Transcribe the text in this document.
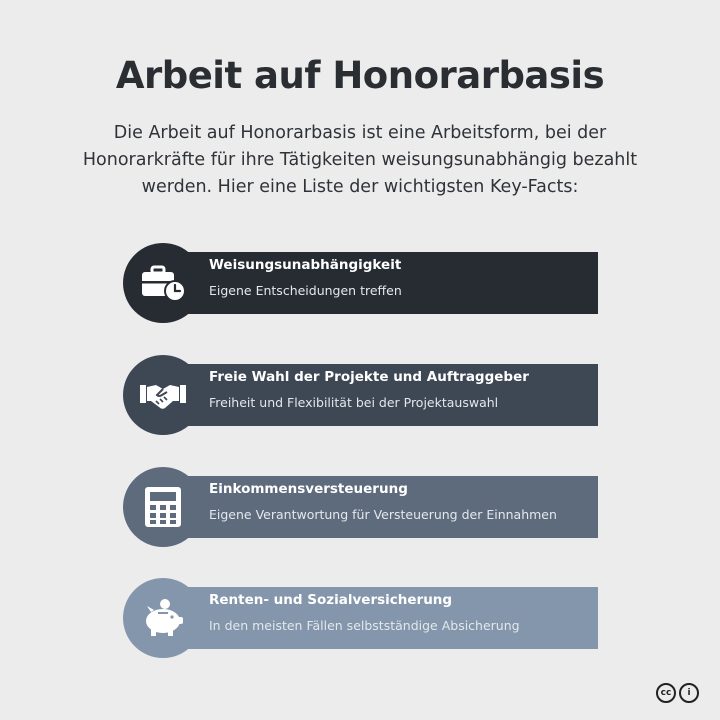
Arbeit auf Honorarbasis
Die Arbeit auf Honorarbasis ist eine Arbeitsform, bei der Honorarkräfte für ihre Tätigkeiten weisungsunabhängig bezahlt werden. Hier eine Liste der wichtigsten Key-Facts:
Weisungsunabhängigkeit
Eigene Entscheidungen treffen
Freie Wahl der Projekte und Auftraggeber
Freiheit und Flexibilität bei der Projektauswahl
Einkommensversteuerung
Eigene Verantwortung für Versteuerung der Einnahmen
Renten- und Sozialversicherung
In den meisten Fällen selbstständige Absicherung
cc	i
